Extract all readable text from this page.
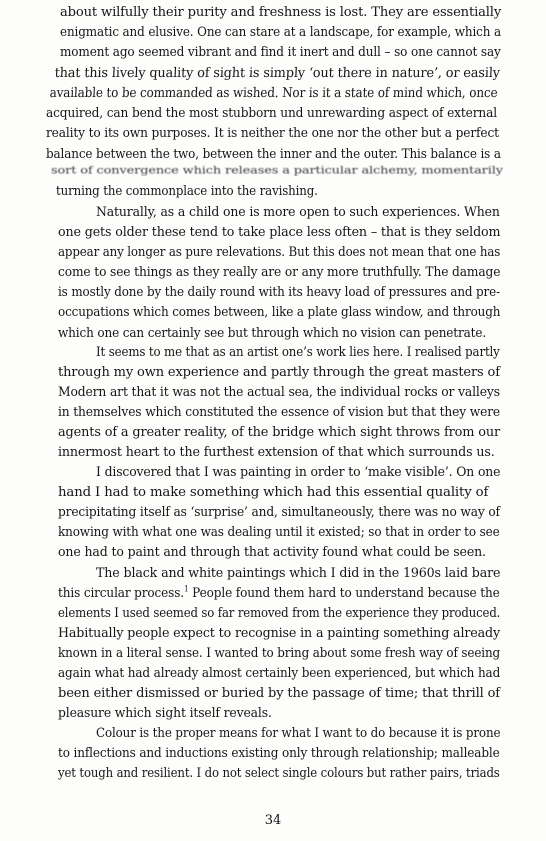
about wilfully their purity and freshness is lost. They are essentially
enigmatic and elusive. One can stare at a landscape, for example, which a
moment ago seemed vibrant and find it inert and dull – so one cannot say
that this lively quality of sight is simply ‘out there in nature’, or easily
available to be commanded as wished. Nor is it a state of mind which, once
acquired, can bend the most stubborn und unrewarding aspect of external
reality to its own purposes. It is neither the one nor the other but a perfect
balance between the two, between the inner and the outer. This balance is a
sort of convergence which releases a particular alchemy, momentarily
turning the commonplace into the ravishing.
Naturally, as a child one is more open to such experiences. When
one gets older these tend to take place less often – that is they seldom
appear any longer as pure relevations. But this does not mean that one has
come to see things as they really are or any more truthfully. The damage
is mostly done by the daily round with its heavy load of pressures and pre-
occupations which comes between, like a plate glass window, and through
which one can certainly see but through which no vision can penetrate.
It seems to me that as an artist one’s work lies here. I realised partly
through my own experience and partly through the great masters of
Modern art that it was not the actual sea, the individual rocks or valleys
in themselves which constituted the essence of vision but that they were
agents of a greater reality, of the bridge which sight throws from our
innermost heart to the furthest extension of that which surrounds us.
I discovered that I was painting in order to ‘make visible’. On one
hand I had to make something which had this essential quality of
precipitating itself as ‘surprise’ and, simultaneously, there was no way of
knowing with what one was dealing until it existed; so that in order to see
one had to paint and through that activity found what could be seen.
The black and white paintings which I did in the 1960s laid bare
this circular process.$^1$ People found them hard to understand because the
elements I used seemed so far removed from the experience they produced.
Habitually people expect to recognise in a painting something already
known in a literal sense. I wanted to bring about some fresh way of seeing
again what had already almost certainly been experienced, but which had
been either dismissed or buried by the passage of time; that thrill of
pleasure which sight itself reveals.
Colour is the proper means for what I want to do because it is prone
to inflections and inductions existing only through relationship; malleable
yet tough and resilient. I do not select single colours but rather pairs, triads
34
